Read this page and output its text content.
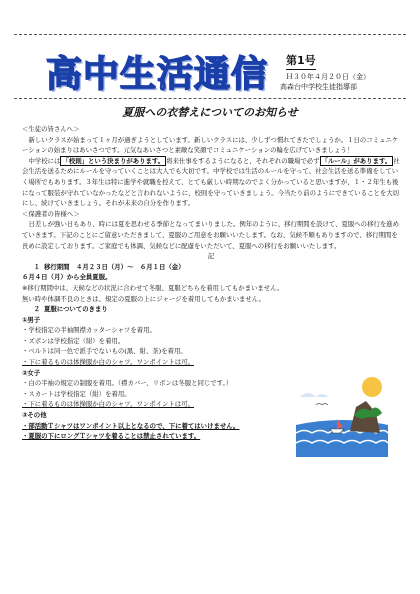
高中生活通信	第1号
Ｈ３０年４月２０日（金）
高森台中学校生徒指導部
夏服への衣替えについてのお知らせ

＜生徒の皆さんへ＞

新しいクラスが始まって１ヶ月が過ぎようとしています。新しいクラスには、少しずつ慣れてきたでしょうか。１日のコミュニケーションの始まりはあいさつです。元気なあいさつと素敵な笑顔でコミュニケーションの輪を広げていきましょう！

中学校には 「校則」という決まりがあります。 将来仕事をするようになると、それぞれの職場で必ず 「ルール」があります。 社会生活を送るためにルールを守っていくことは大人でも大切です。中学校では生活のルールを守って、社会生活を送る準備をしていく場所でもあります。３年生は特に進学や就職を控えて、とても厳しい時期なのでよく分かっていると思いますが、１・２年生も後になって服装が守れていなかったなどと言われないように、校則を守っていきましょう。今当たり前のようにできていることを大切にし、続けていきましょう。それが未来の自分を作ります。

＜保護者の皆様へ＞

日差しが強い日もあり、時には夏を思わせる季節となってまいりました。例年のように、移行期間を設けて、夏服への移行を進めていきます。下記のことにご留意いただきまして、夏服のご用意をお願いいたします。なお、気候不順もありますので、移行期間を長めに設定しております。ご家庭でも体調、気候などに配慮をいただいて、夏服への移行をお願いいたします。

記

１ 移行期間　 ４月２３日（月）～　６月１日（金）

６月４日（月）から全員夏服。

※移行期間中は、天候などの状況に合わせて冬服、夏服どちらを着用してもかまいません。

無い時や体調不良のときは、規定の夏服の上にジャージを着用してもかまいません。

２ 夏服についてのきまり

①男子

・学校指定の半袖開襟カッターシャツを着用。

・ズボンは学校指定（紺）を着用。

・ベルトは同一色で派手でないもの(黒、紺、茶)を着用。

・下に着るものは体操服か白のシャツ。ワンポイントは可。

②女子

・白の半袖の規定の制服を着用。（襟カバー、リボンは冬服と同じです。）

・スカートは学校指定（紺）を着用。

・下に着るものは体操服か白のシャツ。ワンポイントは可。

③その他

・部活動Ｔシャツはワンポイント以上となるので、下に着てはいけません。

・夏服の下にロングＴシャツを着ることは禁止されています。
